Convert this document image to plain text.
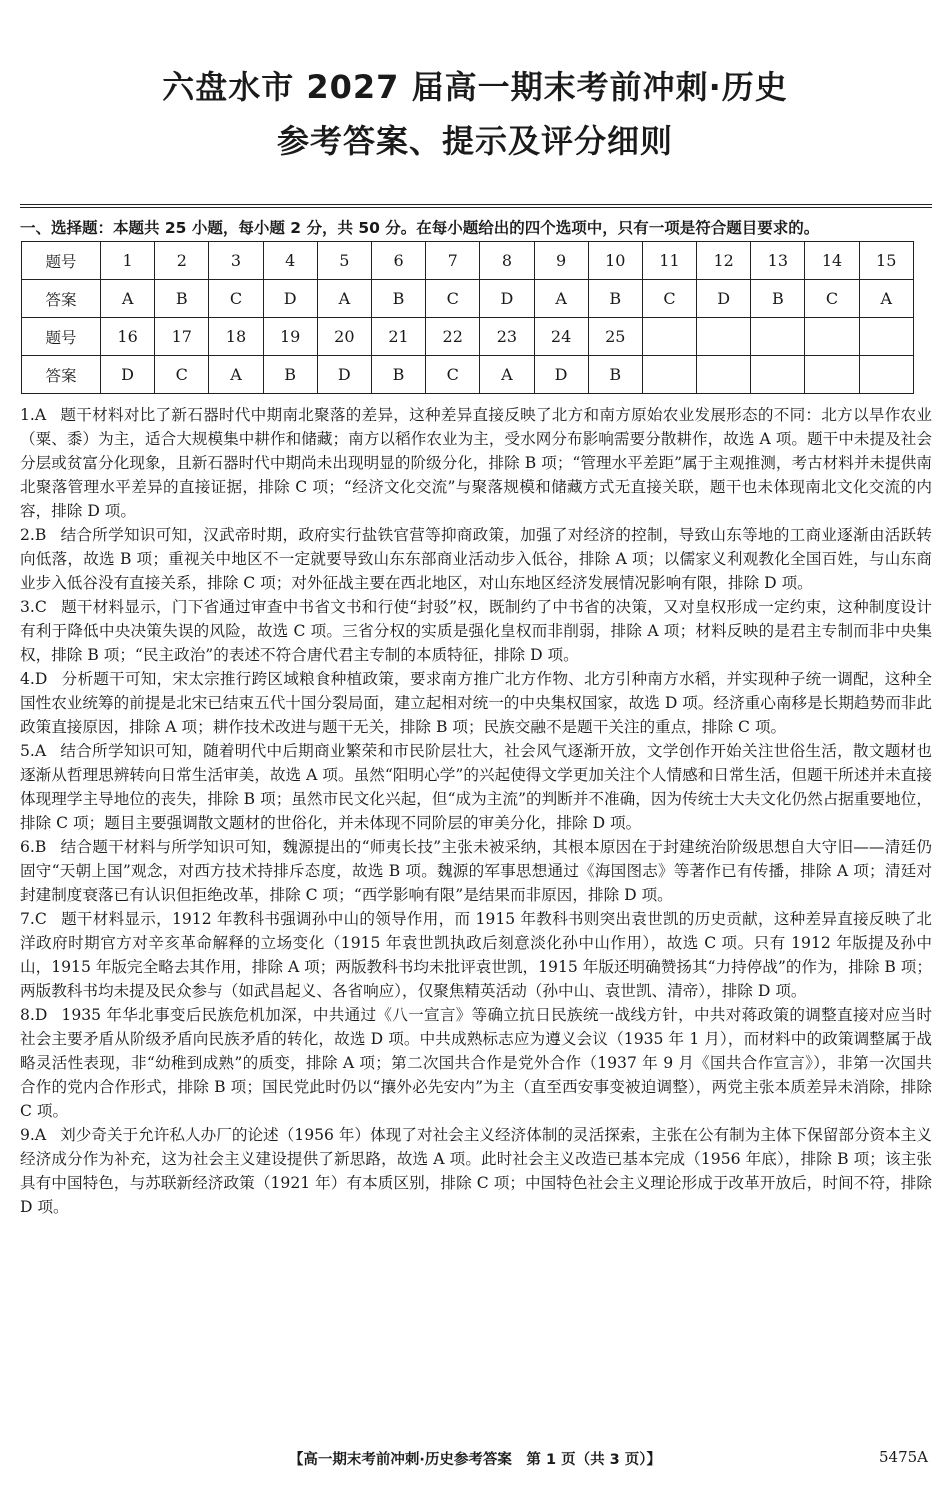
六盘水市 2027 届高一期末考前冲刺·历史
参考答案、提示及评分细则
一、选择题：本题共 25 小题，每小题 2 分，共 50 分。在每小题给出的四个选项中，只有一项是符合题目要求的。
题号	1	2	3	4	5	6	7	8	9	10	11	12	13	14	15
答案	A	B	C	D	A	B	C	D	A	B	C	D	B	C	A
题号	16	17	18	19	20	21	22	23	24	25					
答案	D	C	A	B	D	B	C	A	D	B					

1.A 题干材料对比了新石器时代中期南北聚落的差异，这种差异直接反映了北方和南方原始农业发展形态的不同：北方以旱作农业（粟、黍）为主，适合大规模集中耕作和储藏；南方以稻作农业为主，受水网分布影响需要分散耕作，故选 A 项。题干中未提及社会分层或贫富分化现象，且新石器时代中期尚未出现明显的阶级分化，排除 B 项；“管理水平差距”属于主观推测，考古材料并未提供南北聚落管理水平差异的直接证据，排除 C 项；“经济文化交流”与聚落规模和储藏方式无直接关联，题干也未体现南北文化交流的内容，排除 D 项。

2.B 结合所学知识可知，汉武帝时期，政府实行盐铁官营等抑商政策，加强了对经济的控制，导致山东等地的工商业逐渐由活跃转向低落，故选 B 项；重视关中地区不一定就要导致山东东部商业活动步入低谷，排除 A 项；以儒家义利观教化全国百姓，与山东商业步入低谷没有直接关系，排除 C 项；对外征战主要在西北地区，对山东地区经济发展情况影响有限，排除 D 项。

3.C 题干材料显示，门下省通过审查中书省文书和行使“封驳”权，既制约了中书省的决策，又对皇权形成一定约束，这种制度设计有利于降低中央决策失误的风险，故选 C 项。三省分权的实质是强化皇权而非削弱，排除 A 项；材料反映的是君主专制而非中央集权，排除 B 项；“民主政治”的表述不符合唐代君主专制的本质特征，排除 D 项。

4.D 分析题干可知，宋太宗推行跨区域粮食种植政策，要求南方推广北方作物、北方引种南方水稻，并实现种子统一调配，这种全国性农业统筹的前提是北宋已结束五代十国分裂局面，建立起相对统一的中央集权国家，故选 D 项。经济重心南移是长期趋势而非此政策直接原因，排除 A 项；耕作技术改进与题干无关，排除 B 项；民族交融不是题干关注的重点，排除 C 项。

5.A 结合所学知识可知，随着明代中后期商业繁荣和市民阶层壮大，社会风气逐渐开放，文学创作开始关注世俗生活，散文题材也逐渐从哲理思辨转向日常生活审美，故选 A 项。虽然“阳明心学”的兴起使得文学更加关注个人情感和日常生活，但题干所述并未直接体现理学主导地位的丧失，排除 B 项；虽然市民文化兴起，但“成为主流”的判断并不准确，因为传统士大夫文化仍然占据重要地位，排除 C 项；题目主要强调散文题材的世俗化，并未体现不同阶层的审美分化，排除 D 项。

6.B 结合题干材料与所学知识可知，魏源提出的“师夷长技”主张未被采纳，其根本原因在于封建统治阶级思想自大守旧——清廷仍固守“天朝上国”观念，对西方技术持排斥态度，故选 B 项。魏源的军事思想通过《海国图志》等著作已有传播，排除 A 项；清廷对封建制度衰落已有认识但拒绝改革，排除 C 项；“西学影响有限”是结果而非原因，排除 D 项。

7.C 题干材料显示，1912 年教科书强调孙中山的领导作用，而 1915 年教科书则突出袁世凯的历史贡献，这种差异直接反映了北洋政府时期官方对辛亥革命解释的立场变化（1915 年袁世凯执政后刻意淡化孙中山作用），故选 C 项。只有 1912 年版提及孙中山，1915 年版完全略去其作用，排除 A 项；两版教科书均未批评袁世凯，1915 年版还明确赞扬其“力持停战”的作为，排除 B 项；两版教科书均未提及民众参与（如武昌起义、各省响应），仅聚焦精英活动（孙中山、袁世凯、清帝），排除 D 项。

8.D 1935 年华北事变后民族危机加深，中共通过《八一宣言》等确立抗日民族统一战线方针，中共对蒋政策的调整直接对应当时社会主要矛盾从阶级矛盾向民族矛盾的转化，故选 D 项。中共成熟标志应为遵义会议（1935 年 1 月），而材料中的政策调整属于战略灵活性表现，非“幼稚到成熟”的质变，排除 A 项；第二次国共合作是党外合作（1937 年 9 月《国共合作宣言》），非第一次国共合作的党内合作形式，排除 B 项；国民党此时仍以“攘外必先安内”为主（直至西安事变被迫调整），两党主张本质差异未消除，排除 C 项。

9.A 刘少奇关于允许私人办厂的论述（1956 年）体现了对社会主义经济体制的灵活探索，主张在公有制为主体下保留部分资本主义经济成分作为补充，这为社会主义建设提供了新思路，故选 A 项。此时社会主义改造已基本完成（1956 年底），排除 B 项；该主张具有中国特色，与苏联新经济政策（1921 年）有本质区别，排除 C 项；中国特色社会主义理论形成于改革开放后，时间不符，排除 D 项。

【高一期末考前冲刺·历史参考答案　第 1 页（共 3 页）】	5475A
